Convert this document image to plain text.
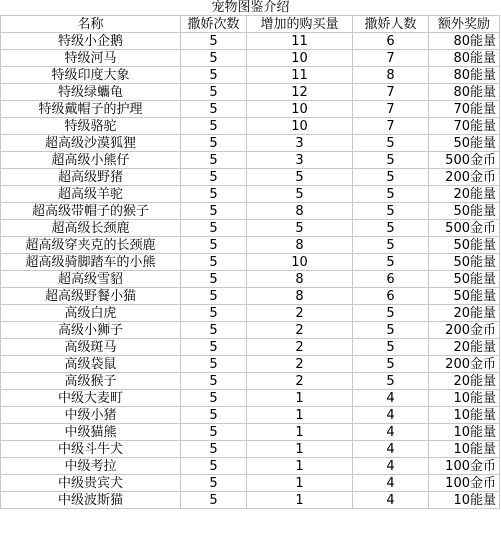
宠物图鉴介绍
名称	撒娇次数	增加的购买量	撒娇人数	额外奖励
特级小企鹅	5	11	6	80能量
特级河马	5	10	7	80能量
特级印度大象	5	11	8	80能量
特级绿蠵龟	5	12	7	80能量
特级戴帽子的护理	5	10	7	70能量
特级骆驼	5	10	7	70能量
超高级沙漠狐狸	5	3	5	50能量
超高级小熊仔	5	3	5	500金币
超高级野猪	5	5	5	200金币
超高级羊驼	5	5	5	20能量
超高级带帽子的猴子	5	8	5	50能量
超高级长颈鹿	5	5	5	500金币
超高级穿夹克的长颈鹿	5	8	5	50能量
超高级骑脚踏车的小熊	5	10	5	50能量
超高级雪貂	5	8	6	50能量
超高级野餐小猫	5	8	6	50能量
高级白虎	5	2	5	20能量
高级小狮子	5	2	5	200金币
高级斑马	5	2	5	20能量
高级袋鼠	5	2	5	200金币
高级猴子	5	2	5	20能量
中级大麦町	5	1	4	10能量
中级小猪	5	1	4	10能量
中级猫熊	5	1	4	10能量
中级斗牛犬	5	1	4	10能量
中级考拉	5	1	4	100金币
中级贵宾犬	5	1	4	100金币
中级波斯猫	5	1	4	10能量
